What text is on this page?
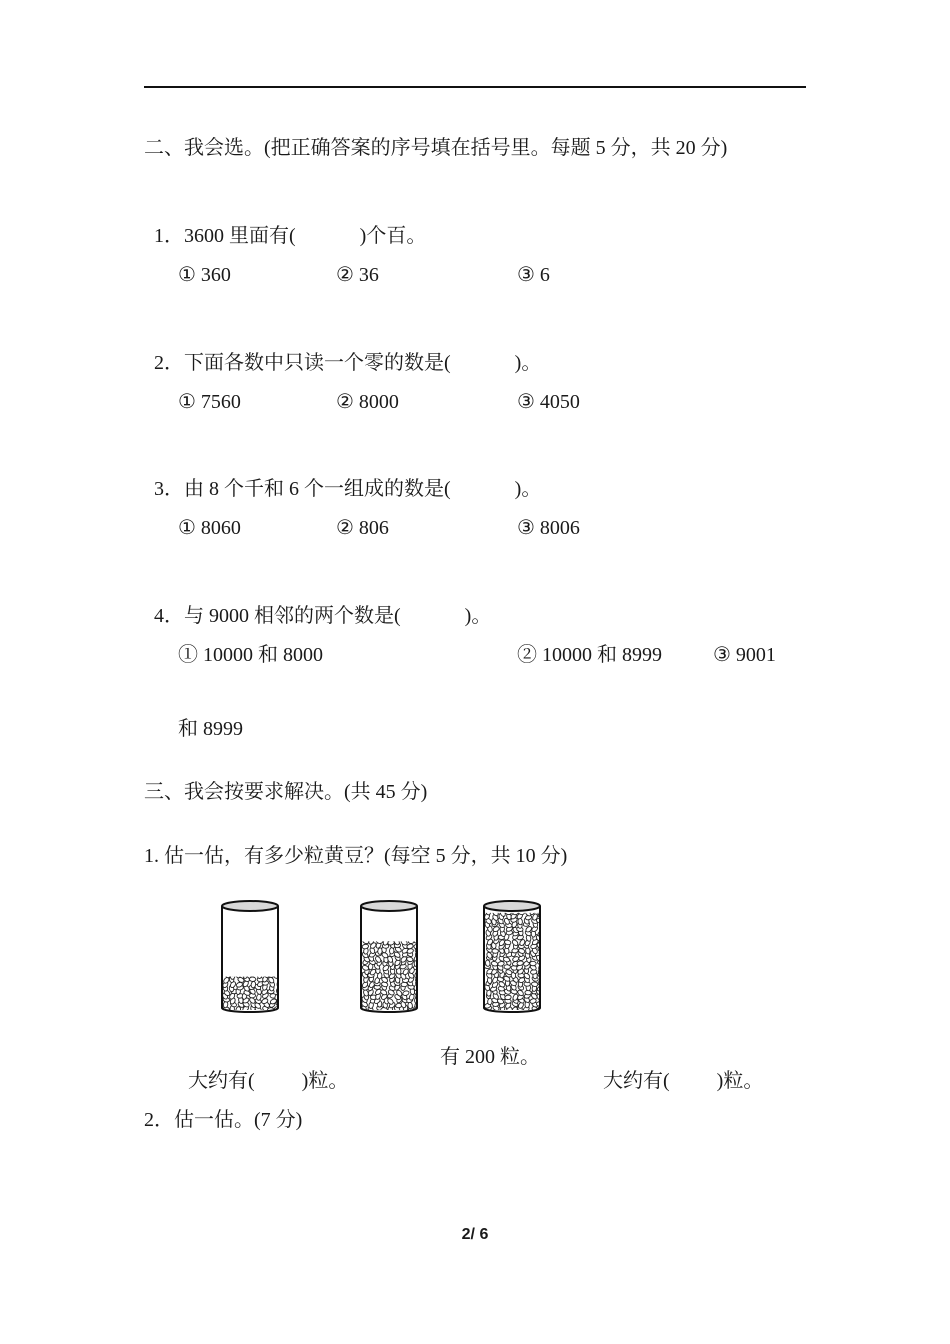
二、我会选。(把正确答案的序号填在括号里。每题 5 分，共 20 分)

1．3600 里面有(	)个百。

① 360	② 36	③ 6

2．下面各数中只读一个零的数是(	)。

① 7560	② 8000	③ 4050

3．由 8 个千和 6 个一组成的数是(	)。

① 8060	② 806	③ 8006

4．与 9000 相邻的两个数是(	)。

① 10000 和 8000	② 10000 和 8999	③ 9001
和 8999
三、我会按要求解决。(共 45 分)
1. 估一估，有多少粒黄豆？(每空 5 分，共 10 分)

大约有( )粒。

有 200 粒。

大约有( )粒。

2．估一估。(7 分)
2/ 6
